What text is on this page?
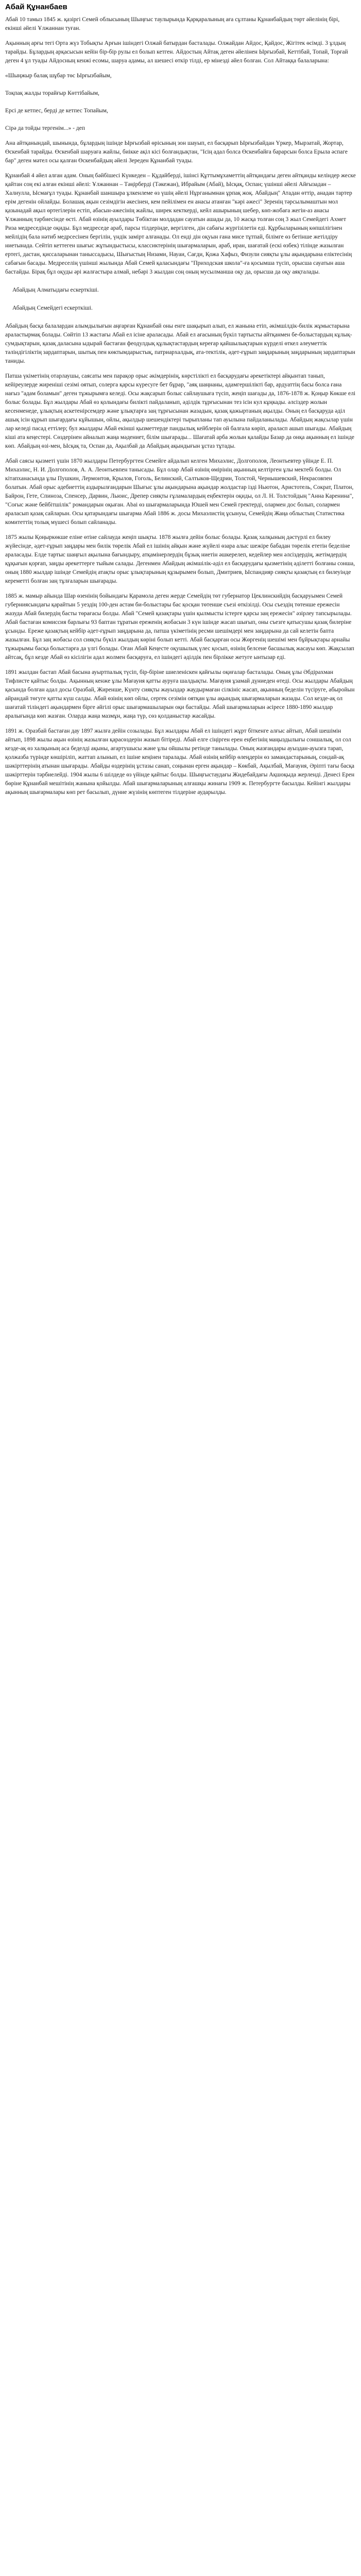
Абай Құнанбаев
Абай 10 тамыз 1845 ж. қазіргі Семей облысының Шыңғыс таулырында Қарқаралының аға сұлтаны Құнанбайдың төрт әйелінің бірі, екінші әйелі Ұлжаннан туған.
Ақынның арғы тегі Орта жүз Тобықты Арғын ішіндегі Олжай батырдан басталады. Олжайдан Айдос, Қайдос, Жігітек өсімді. 3 ұлдың тарайды. Бұлардың арқасысын кейін бір-бір рулы ел болып кетген. Айдостың Айтақ деген әйелінен Ырғызбай, Кеттібай, Топай, Торғай деген 4 ұл туады Айдосның кенжі есомы, шаруа адамы, ал шешесі өткір тілді, ер мінезді әйел болған. Сол Айтаққа балаларына:
«Шыңжыр балақ шұбар төс Ырғызбайым,

Тоқпақ жалды торайғыр Көттібайым,

Ерсі де кетпес, берді де кетпес Топайым,

Сірә да тойды тергенім...» - деп
Ана айтқанындай, шынында, бұлардың ішінде Ырғызбай өрісының зон шауып, ел басқарып Ырғызбайдан Үркер, Мырзатай, Жортар, Өскенбай тарайды. Өскенбай шаруаға жайлы, биікке ақіл кісі болғандықтан, "Ісің адал болса Өскенбайға барарсын болса Ерыла әспаге бар" деген мәтел осы қалған Өскенбайдың әйелі Зереден Құнанбай туады.
Құнанбай 4 әйел алған адам. Оның бәйбішесі Күнкеден – Құдайберді, ішінсі Құттымұхаметтің айтқандағы деген айтқанды келіндер жеске қайтан соң екі алған екінші әйелі: Ұлжаннан – Тәңірберді (Тәкежан), Ибрайым (Абай), Ысқақ, Оспан; үшінші әйелі Айғызадан – Халиулла, Ысмағұл туады. Құнанбай шаншыра ұлкенлеме өз үшің әйелі Нұрганымнан ұрпақ жоқ. Абайдың" Атадан өттір, анадан тартер ерім дегенін ойлайды. Болашақ ақын сезімдігін әкесінен, кем пейілімен ен анасы атанған "кәрі әжесі" Зеренің тәрсылымаштын мол қазынадай ақыл өртегілерін естіп, абасын-әжесінің жайлы, ширек кекткерді, кейл ашырының шебер, көп-жобаға жегін-аз анасы Ұлжанның тәрбиесінде өсті. Абай өзінің ауылдары Төбіктан молдадан сауатын ашады да, 10 жасқа толған соң 3 жыл Семейдегі Ахмет Риза медреседінде оқиды. Бұл медреседе араб, парсы тілдерінде, вергілген, дін сабағы жүргізілетін еді. Құрбыларының көпшілігінен мейлідің бала нәтиб медрсесінен бергілін, үндік замірт алғанады. Ол енді дін оқуын ғана мисе тұтпай, білімге өз бетінше жетілдіру ниетынада. Сейтіп кеттеген шығыс жұтындыстысы, классиктерінің шығармаларын, араб, иран, шағатай (ескі өзбек) тілінде жазылған ертегі, дастан, қиссаларынан таныссадысы, Шығыстың Низами, Науаи, Сағди, Қожа Хафыз, Физули сияқты ұлы ақындарына еліктесінің сабағын басады. Медреселің үшінші жылында Абай Семей қаласындағы "Приходская школа"-ға қосымша түсіп, орысша сауатын аша бастайды. Бірақ бұл оқуды әрі жалғастыра алмай, небәрі 3 жылдан соң оның мусылманша оқу да, орысша да оқу аяқталады.
Абайдың Алматыдағы ескерткіші.
Абайдың Семейдегі ескерткіші.
Абайдың басқа балалардан алымдылығын аңғарған Құнанбай оны енге шақырып алып, ел жанына етіп, әкімшілдік-билік жұмыстарына араластырмақ болады. Сөйтіп 13 жастағы Абай ел ісіне араласады. Абай ел ағасының бүкіл тартысты айтқанмен бе-болыстардың кұлық-сумдықтарын, қазақ даласына ыдырай бастаған феодулдық құлықтастардың кереғар қайшылықтарын күрделі өткел әлеуметтік тәліндігіліктің зардаптарын, шытық пен көктымдарыстық, патриархалдық, ата-тектілік, әдет-ғұрып заңдарының заңдарының зардаптарын таниды.
Патша үкіметінің отарлаушы, саясаты мен парақор орыс әкімдерінің, көрстілікті ел басқарудағы әрекетіктері айқынтап танып, кейіреулерде жиреніші сезімі оятып, солерга қарсы күресуге бет бұрар, "аяқ шаңнаны, адамгершілікті бар, ардуаттің басы болса ғана нағыз "адам боламын" деген тұжырымға келеді. Осы жақсарып болыс сайлаушыға түсіп, жеңіп шағады да, 1876-1878 ж. Қоңыр Көкше елі болыс болады. Бұл жылдары Абай өз қолындағы билікті пайдаланып, әділдік тұрғысынан тез ісін кул кұңкады. әлсіздер жолын кесенменеде, ұлықтың аскетенірсемдер және ұлықтарға заң тұрғысынан жазадын, қазақ қажыртаның ақылды. Оның ел басқаруда әділ ашық ісін құрып шығардағы кұйышын, ойлы, ақылдыр шешендіктері тырыпланы тап ауылына пайдаланылады. Абайдың жақсылар үшін лар келеді пасад еттілер; бул жылдары Абай екінші қызметтерде пандылық кейблерін ой балғала көріп, араласп ашып шығады. Абайдың кіші ата кеңестері. Сөздерінен айналып жаңа мәдениет, білім шығарады... Шағатай арба жолын қалайды Базар да онқа ақынның ел ішінде көп. Абайдың өзі-мен, Ысқақ та, Оспан да, Ақылбай да Абайдың ақындығын ұстаз тұтады.
Абай саясы қызметі үшін 1870 жылдары Петербургтен Семейге айдалып келген Михаэлис, Долгополов, Леонтьевтер үйінде Е. П. Михаэлис, Н. И. Долгополов, А. А. Леонтьевпен танысады. Бұл олар Абай өзінің өмірінің ақынның келтірген ұлы мектебі болды. Ол кітапханасында ұлы Пушкин, Лермонтов, Крылов, Гоголь, Белинский, Салтыков-Щедрин, Толстой, Чернышевский, Некрасовпен болатын. Абай орыс әдебиеттің аздырылғандарын Шығыс ұлы ақындарына ақындар жолдастар ізді Ньютон, Аристотель, Сократ, Платон, Байрон, Гете, Спиноза, Спенсер, Дарвин, Льюис, Дрепер сияқты ғұламалардың еңбектерін оқиды, ол Л. Н. Толстойдың "Анна Каренина", "Соғыс және бейбітшілік" романдарын оқыған. Abai өз шығармаларында Юшей мен Семей гректерді, олармен дос болып, солармен араласып қазақ сайларын. Осы қатарындағы шығарма Абай 1886 ж. досы Михаэлистің ұсынуы, Семейдің Жаңа облыстың Статистика комитеттің толық мүшесі болып сайланады.
1875 жылы Қоңыркөкше еліне өтіне сайлауда жеңіп шықты. 1878 жылға дейін болыс болады. Қазақ халқының дәстүрлі ел билеу жүйесінде, әдет-ғұрып заңдары мен билік төрелік Абай ел ішінің айқын және жүйелі өзара алыс шежіре бабадан төрелік ететін беделіне араласады. Елде тартыс шаңғыл ақылына бағындыру, атқамінерлердің бұзық ниетін әшкерелеп, кедейлер мен әлсіздердің, жетімдердің құқығын қорғап, заңды әрекеттерге тыйым салады. Дегенмен Абайдың әкімшілік-әділ ел басқарудағы қызметінің әділетті болғаны сонша, оның 1880 жылдар ішінде Семейдің атақты орыс ұлықтарының құзырымен болып, Дмитриев, Ыспандияр сияқты қазақтың ел билеуінде кереметті болған заң тұлғаларын шығарады.
1885 ж. мамыр айында Шар өзенінің бойындағы Қарамола деген жерде Семейдің төт губернатор Цеклинскийдің басқаруымен Семей губерниясындағы қарайтын 5 уездің 100-ден астам би-болыстары бас қосқан төтенше съезі өткізілді. Осы съездің төтенше ережесін жазуда Абай билердің басты төрағасы болды. Абай "Семей қазақтары үшін қылмысты істерге қарсы заң ережесін" әзірлеу тапсырылады. Абай бастаған комиссия барлығы 93 баптан тұратын ереженің жобасын 3 күн ішінде жасап шығып, оны съезге қатысушы қазақ билеріне ұсынды. Ереже қазақтың кейбір әдет-ғұрып заңдарына да, патша үкіметінің ресми шешімдері мен заңдарына да сай келетін бапта жазылған. Бұл заң жобасы сол сияқты бүкіл жылдың көріні болып кетті. Абай басқарған осы Жөргенің шешімі мен бұйрықтары арнайы тұжырымы басқа болыстарға да үлгі болады. Оған Абай Кеңесте оқушылық үлес қосып, өзінің белсене басшылық жасауы көп. Жақсылап айтсақ, бұл кезде Абай өз кісілігін адал жолмен басқаруға, ел ішіндегі әділдік пен бірлікке жетуге ынтызар еді.
1891 жылдан бастап Абай басына ауыртпалық түсіп, бір-біріне шиеленіскен қайғылы оқиғалар басталады. Оның ұлы Әбдірахман Тифлисте қайтыс болды. Ақынның кенже ұлы Мағауия қатты ауруға шалдықты. Мағауия ұзамай дүниеден өтеді. Осы жылдары Абайдың қасында болған адал досы Оразбай, Жиренше, Күнту сияқты жауыздар жаудырмаған сілкініс жасап, ақынның беделін түсіруге, абыройын айрандай төгуге қатты күш салды. Абай өзінің көп ойлы, сергек сезімін оятқан ұлы ақындық шығармаларын жазады. Сол кезде-ақ ол шағатай тіліндегі ақындармен бірге әйгілі орыс шығармашыларын оқи бастайды. Абай шығармаларын әсіресе 1880-1890 жылдар аралығында көп жазған. Оларда жаңа мазмұн, жаңа түр, сөз қолданыстар жасайды.
1891 ж. Оразбай бастаған дау 1897 жылға дейін созылады. Бұл жылдары Абай ел ішіндегі жұрт біткенге алғыс айтып, Абай шешімін айтып, 1898 жылы ақын өзінің жазылған қарасөздерін жазып бітіреді. Абай елге сіңірген ерен еңбегінің маңыздылығы соншалық, ол сол кезде-ақ өз халқының аса беделді ақыны, ағартушысы және ұлы ойшылы ретінде танылады. Оның жазғандары ауыздан-ауызға тарап, қолжазба түрінде көшіріліп, жаттап алынып, ел ішіне кеңінен таралады. Абай өзінің кейбір өлеңдерін өз замандастарының, сондай-ақ шәкірттерінің атынан шығарады. Абайды өздерінің ұстазы санап, соңынан ерген ақындар – Көкбай, Ақылбай, Мағауия, Әріпті тағы басқа шәкірттерін тәрбиелейді. 1904 жылы 6 шілдеде өз үйінде қайтыс болды. Шыңғыстаудағы Жидебайдағы Ақшоқыда жерленді. Денесі Ерен бөріне Құнанбай мешітінің жанына қойылды. Абай шығармаларының алғашқы жинағы 1909 ж. Петербургте басылды. Кейінгі жылдары ақынның шығармалары көп рет басылып, дүние жүзінің көптеген тілдеріне аударылды.
